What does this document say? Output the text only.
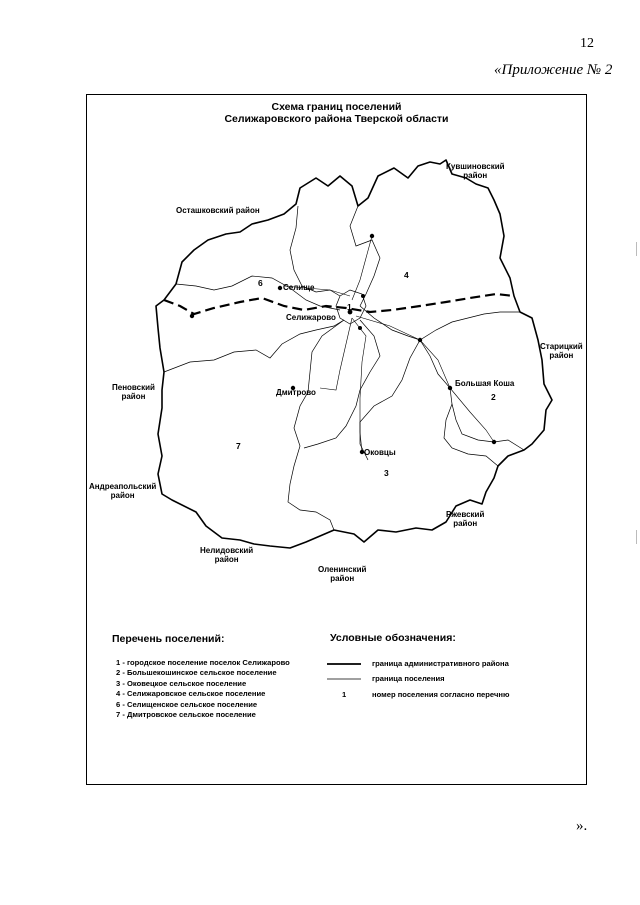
12
«Приложение № 2
Схема границ поселений
Селижаровского района Тверской области
Кувшиновский
район
Осташковский район
Старицкий
район
Пеновский
район
Андреапольский
район
Ржевский
район
Нелидовский
район
Оленинский
район
Селище
Селижарово
Дмитрово
Оковцы
Большая Коша
1
2
3
4
6
7
Перечень поселений:
1 - городское поселение поселок Селижарово
2 - Большекошинское сельское поселение
3 - Оковецкое сельское поселение
4 - Селижаровское сельское поселение
6 - Селищенское сельское поселение
7 - Дмитровское сельское поселение
Условные обозначения:
граница административного района
граница поселения
1	номер поселения согласно перечню
».
